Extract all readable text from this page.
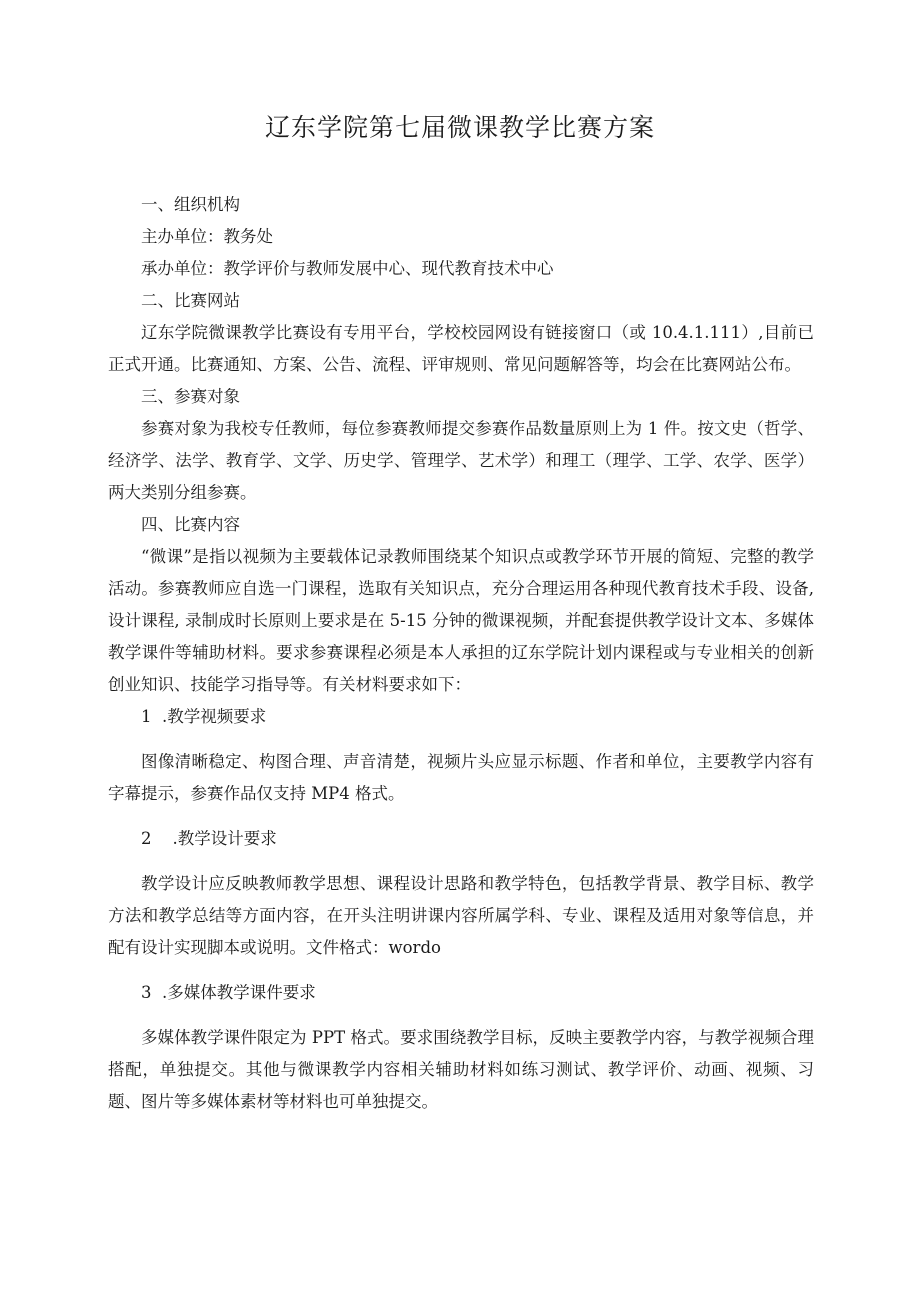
辽东学院第七届微课教学比赛方案

一、组织机构

主办单位：教务处

承办单位：教学评价与教师发展中心、现代教育技术中心

二、比赛网站

辽东学院微课教学比赛设有专用平台，学校校园网设有链接窗口（或 10.4.1.111）,目前已正式开通。比赛通知、方案、公告、流程、评审规则、常见问题解答等，均会在比赛网站公布。

三、参赛对象

参赛对象为我校专任教师，每位参赛教师提交参赛作品数量原则上为 1 件。按文史（哲学、经济学、法学、教育学、文学、历史学、管理学、艺术学）和理工（理学、工学、农学、医学）两大类别分组参赛。

四、比赛内容

“微课”是指以视频为主要载体记录教师围绕某个知识点或教学环节开展的简短、完整的教学活动。参赛教师应自选一门课程，选取有关知识点，充分合理运用各种现代教育技术手段、设备, 设计课程, 录制成时长原则上要求是在 5-15 分钟的微课视频，并配套提供教学设计文本、多媒体教学课件等辅助材料。要求参赛课程必须是本人承担的辽东学院计划内课程或与专业相关的创新创业知识、技能学习指导等。有关材料要求如下：

1  .教学视频要求

图像清晰稳定、构图合理、声音清楚，视频片头应显示标题、作者和单位，主要教学内容有字幕提示，参赛作品仅支持 MP4 格式。

2    .教学设计要求

教学设计应反映教师教学思想、课程设计思路和教学特色，包括教学背景、教学目标、教学方法和教学总结等方面内容，在开头注明讲课内容所属学科、专业、课程及适用对象等信息，并配有设计实现脚本或说明。文件格式：wordo

3  .多媒体教学课件要求

多媒体教学课件限定为 PPT 格式。要求围绕教学目标，反映主要教学内容，与教学视频合理搭配，单独提交。其他与微课教学内容相关辅助材料如练习测试、教学评价、动画、视频、习题、图片等多媒体素材等材料也可单独提交。
